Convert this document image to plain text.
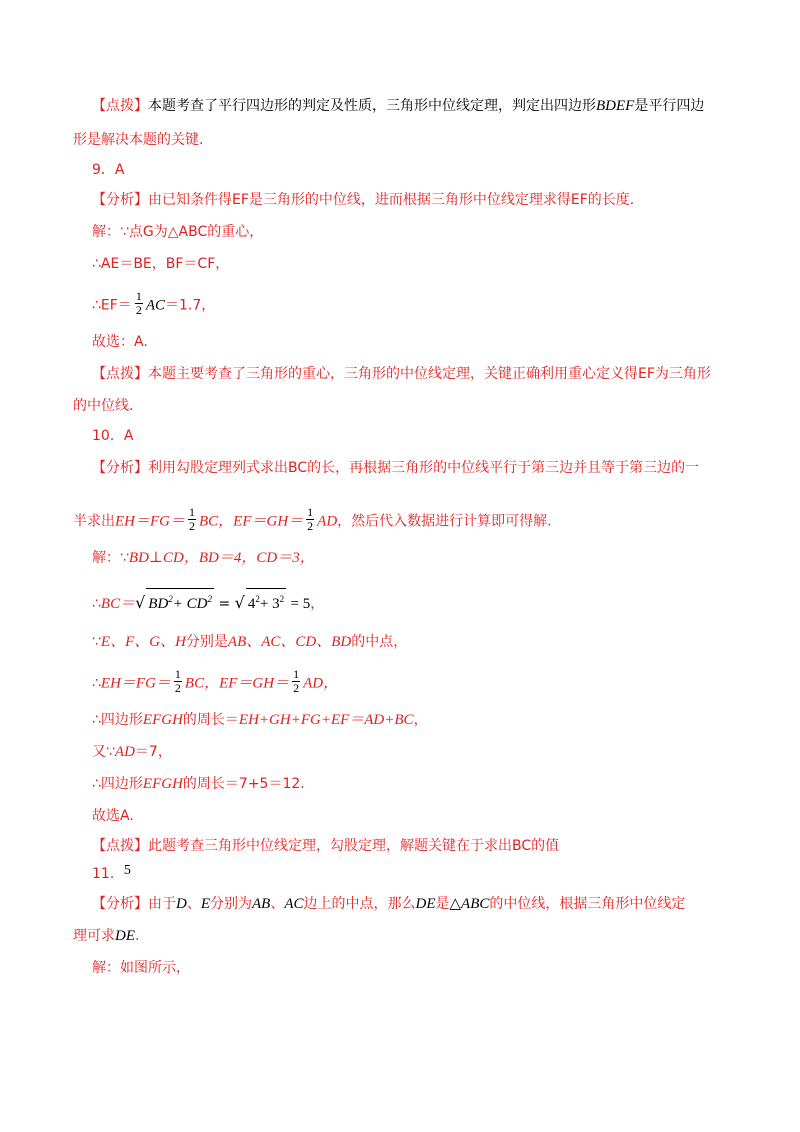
【点拨】本题考查了平行四边形的判定及性质，三角形中位线定理，判定出四边形BDEF是平行四边
形是解决本题的关键.
9．A
【分析】由已知条件得EF是三角形的中位线，进而根据三角形中位线定理求得EF的长度.
解：∵点G为△ABC的重心，
∴AE＝BE，BF＝CF，
∴EF＝ $\frac{1}{2} AC=1.7$，
故选：A.
【点拨】本题主要考查了三角形的重心，三角形的中位线定理，关键正确利用重心定义得EF为三角形
的中位线.
10．A
【分析】利用勾股定理列式求出BC的长，再根据三角形的中位线平行于第三边并且等于第三边的一
半求出$EH=FG= \frac{1}{2}$ BC，$EF=GH= \frac{1}{2}$ AD，然后代入数据进行计算即可得解.
解：∵BD⊥CD，BD＝4，CD＝3，
∴BC＝√ $BD^2+ CD^2$ = √ $4^2+ 3^2 = 5$，
∵E、F、G、H分别是AB、AC、CD、BD的中点，
∴EH＝FG＝ $\frac{1}{2}$ BC，$EF=GH= \frac{1}{2}$ AD，
∴四边形EFGH的周长＝EH+GH+FG+EF＝AD+BC，
又∵AD＝7，
∴四边形EFGH的周长＝7+5＝12.
故选A.
【点拨】此题考查三角形中位线定理，勾股定理，解题关键在于求出BC的值
11．5
【分析】由于D、E分别为AB、AC边上的中点，那么DE是△ABC的中位线，根据三角形中位线定
理可求DE.
解：如图所示，
